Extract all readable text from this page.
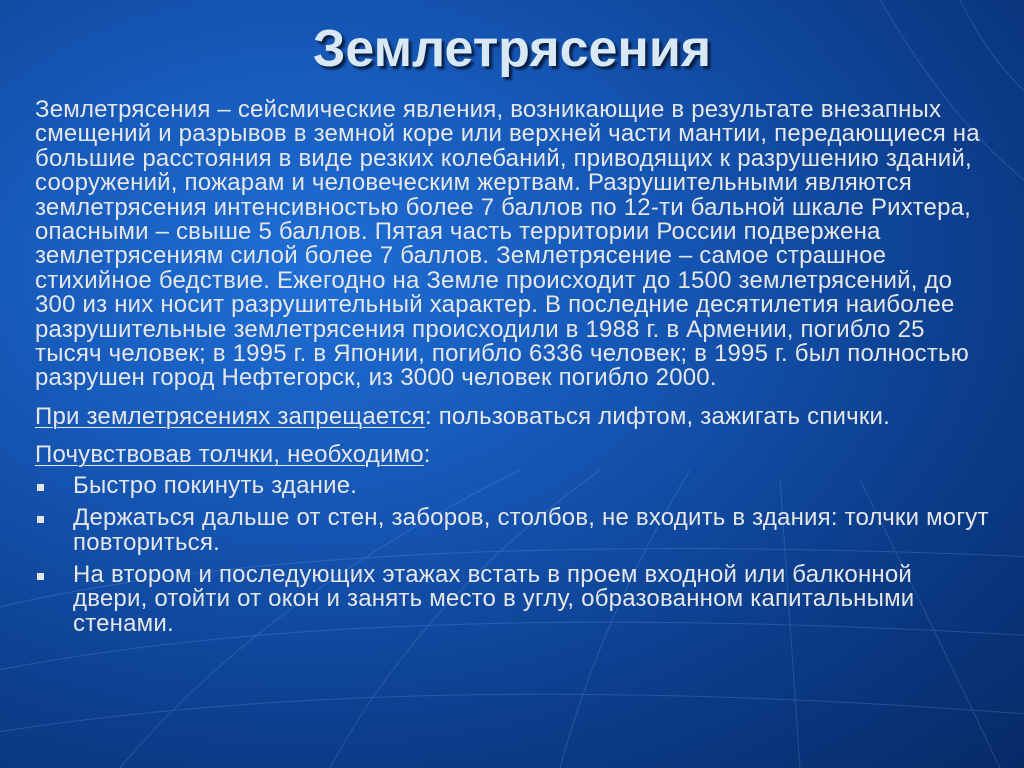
Землетрясения

Землетрясения – сейсмические явления, возникающие в результате внезапных смещений и разрывов в земной коре или верхней части мантии, передающиеся на большие расстояния в виде резких колебаний, приводящих к разрушению зданий, сооружений, пожарам и человеческим жертвам. Разрушительными являются землетрясения интенсивностью более 7 баллов по 12-ти бальной шкале Рихтера, опасными – свыше 5 баллов. Пятая часть территории России подвержена землетрясениям силой более 7 баллов. Землетрясение – самое страшное стихийное бедствие. Ежегодно на Земле происходит до 1500 землетрясений, до 300 из них носит разрушительный характер. В последние десятилетия наиболее разрушительные землетрясения происходили в 1988 г. в Армении, погибло 25 тысяч человек; в 1995 г. в Японии, погибло 6336 человек; в 1995 г. был полностью разрушен город Нефтегорск, из 3000 человек погибло 2000.

При землетрясениях запрещается: пользоваться лифтом, зажигать спички.

Почувствовав толчки, необходимо:

Быстро покинуть здание.
Держаться дальше от стен, заборов, столбов, не входить в здания: толчки могут повториться.
На втором и последующих этажах встать в проем входной или балконной двери, отойти от окон и занять место в углу, образованном капитальными стенами.
